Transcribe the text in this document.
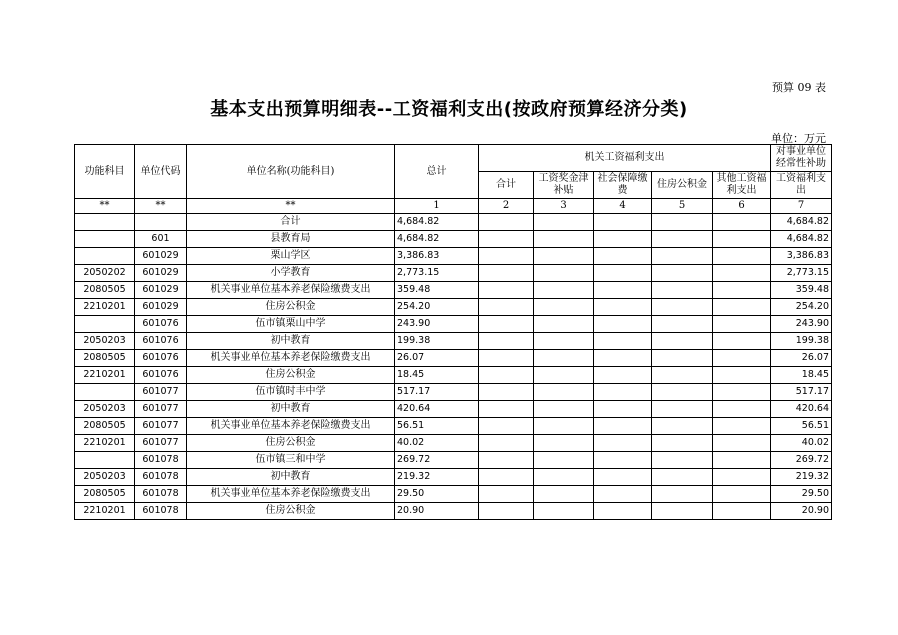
预算 09 表
基本支出预算明细表--工资福利支出(按政府预算经济分类)
单位：万元
功能科目	单位代码	单位名称(功能科目)	总计	机关工资福利支出					对事业单位经常性补助
				合计	工资奖金津补贴	社会保障缴费	住房公积金	其他工资福利支出	工资福利支出
**	**	**	1	2	3	4	5	6	7
		合计	4,684.82						4,684.82
	601	县教育局	4,684.82						4,684.82
	601029	栗山学区	3,386.83						3,386.83
2050202	601029	小学教育	2,773.15						2,773.15
2080505	601029	机关事业单位基本养老保险缴费支出	359.48						359.48
2210201	601029	住房公积金	254.20						254.20
	601076	伍市镇栗山中学	243.90						243.90
2050203	601076	初中教育	199.38						199.38
2080505	601076	机关事业单位基本养老保险缴费支出	26.07						26.07
2210201	601076	住房公积金	18.45						18.45
	601077	伍市镇时丰中学	517.17						517.17
2050203	601077	初中教育	420.64						420.64
2080505	601077	机关事业单位基本养老保险缴费支出	56.51						56.51
2210201	601077	住房公积金	40.02						40.02
	601078	伍市镇三和中学	269.72						269.72
2050203	601078	初中教育	219.32						219.32
2080505	601078	机关事业单位基本养老保险缴费支出	29.50						29.50
2210201	601078	住房公积金	20.90						20.90
